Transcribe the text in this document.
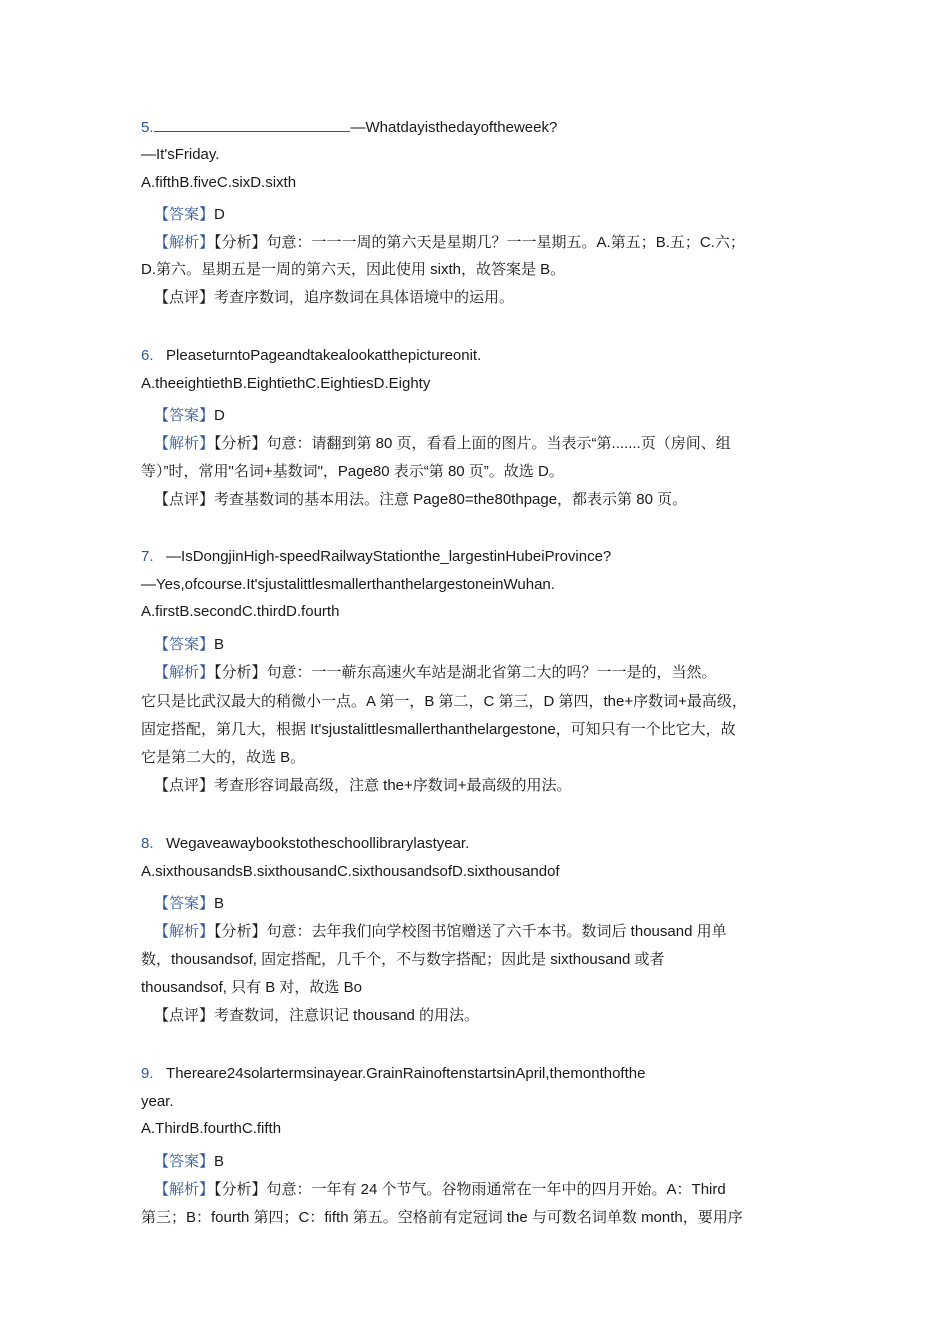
5.	—Whatdayisthedayoftheweek?
—It'sFriday.
A.fifthB.fiveC.sixD.sixth
【答案】D
【解析】【分析】句意：一一一周的第六天是星期几？一一星期五。A.第五；B.五；C.六；
D.第六。星期五是一周的第六天，因此使用 sixth，故答案是 B。
【点评】考查序数词，追序数词在具体语境中的运用。
6. PleaseturntoPageandtakealookatthepictureonit.
A.theeightiethB.EightiethC.EightiesD.Eighty
【答案】D
【解析】【分析】句意：请翻到第 80 页，看看上面的图片。当表示“第.......页（房间、组
等）”时，常用"名词+基数词"，Page80 表示“第 80 页”。故选 D。
【点评】考查基数词的基本用法。注意 Page80=the80thpage，都表示第 80 页。
7. —IsDongjinHigh-speedRailwayStationthe_largestinHubeiProvince?
—Yes,ofcourse.It'sjustalittlesmallerthanthelargestoneinWuhan.
A.firstB.secondC.thirdD.fourth
【答案】B
【解析】【分析】句意：一一蕲东高速火车站是湖北省第二大的吗？一一是的，当然。
它只是比武汉最大的稍微小一点。A 第一，B 第二，C 第三，D 第四，the+序数词+最高级，
固定搭配，第几大，根据 It'sjustalittlesmallerthanthelargestone，可知只有一个比它大，故
它是第二大的，故选 B。
【点评】考查形容词最高级，注意 the+序数词+最高级的用法。
8. Wegaveawaybookstotheschoollibrarylastyear.
A.sixthousandsB.sixthousandC.sixthousandsofD.sixthousandof
【答案】B
【解析】【分析】句意：去年我们向学校图书馆赠送了六千本书。数词后 thousand 用单
数，thousandsof, 固定搭配，几千个，不与数字搭配；因此是 sixthousand 或者
thousandsof, 只有 B 对，故选 Bo
【点评】考查数词，注意识记 thousand 的用法。
9. Thereare24solartermsinayear.GrainRainoftenstartsinApril,themonthofthe
year.
A.ThirdB.fourthC.fifth
【答案】B
【解析】【分析】句意：一年有 24 个节气。谷物雨通常在一年中的四月开始。A：Third
第三；B：fourth 第四；C：fifth 第五。空格前有定冠词 the 与可数名词单数 month，要用序
